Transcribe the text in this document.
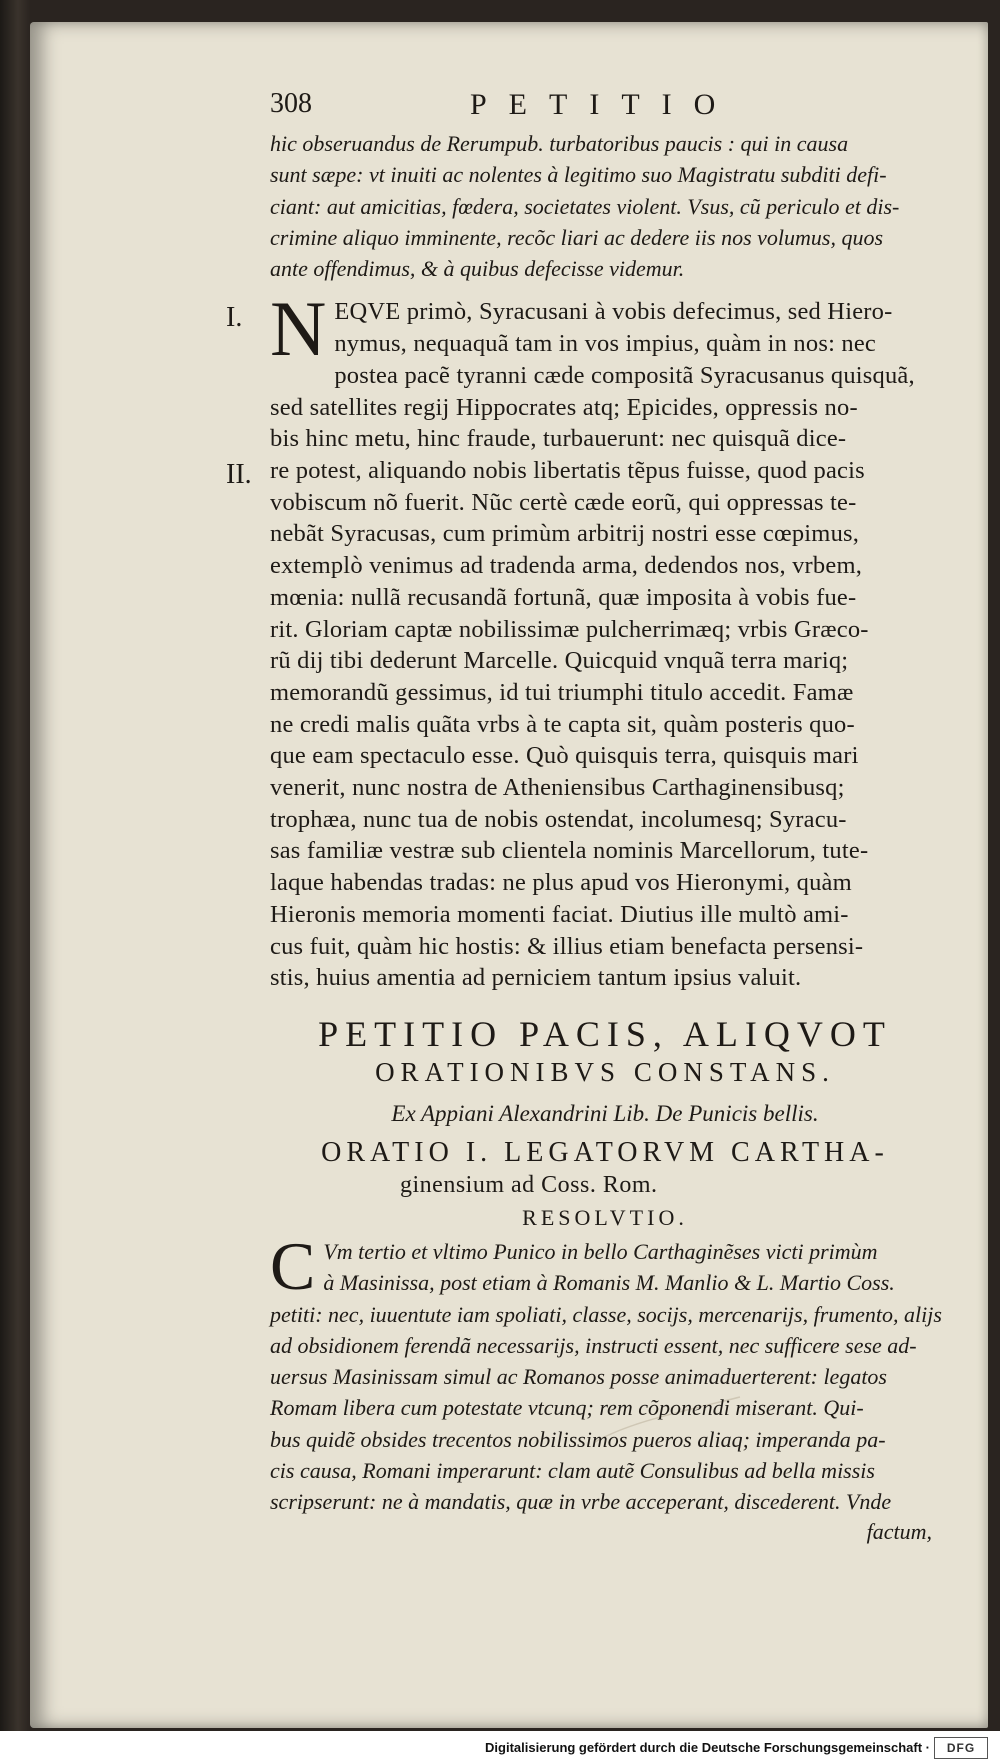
308	PETITIO
hic obseruandus de Rerumpub. turbatoribus paucis : qui in causa
sunt sæpe: vt inuiti ac nolentes à legitimo suo Magistratu subditi defi-
ciant: aut amicitias, fœdera, societates violent. Vsus, cũ periculo et dis-
crimine aliquo imminente, recõc liari ac dedere iis nos volumus, quos
ante offendimus, & à quibus defecisse videmur.
I.
II.
N EQVE primò, Syracusani à vobis defecimus, sed Hiero-
nymus, nequaquã tam in vos impius, quàm in nos: nec
postea pacẽ tyranni cæde compositã Syracusanus quisquã,
sed satellites regij Hippocrates atq; Epicides, oppressis no-
bis hinc metu, hinc fraude, turbauerunt: nec quisquã dice-
re potest, aliquando nobis libertatis tẽpus fuisse, quod pacis
vobiscum nõ fuerit. Nũc certè cæde eorũ, qui oppressas te-
nebãt Syracusas, cum primùm arbitrij nostri esse cœpimus,
extemplò venimus ad tradenda arma, dedendos nos, vrbem,
mœnia: nullã recusandã fortunã, quæ imposita à vobis fue-
rit. Gloriam captæ nobilissimæ pulcherrimæq; vrbis Græco-
rũ dij tibi dederunt Marcelle. Quicquid vnquã terra mariq;
memorandũ gessimus, id tui triumphi titulo accedit. Famæ
ne credi malis quãta vrbs à te capta sit, quàm posteris quo-
que eam spectaculo esse. Quò quisquis terra, quisquis mari
venerit, nunc nostra de Atheniensibus Carthaginensibusq;
trophæa, nunc tua de nobis ostendat, incolumesq; Syracu-
sas familiæ vestræ sub clientela nominis Marcellorum, tute-
laque habendas tradas: ne plus apud vos Hieronymi, quàm
Hieronis memoria momenti faciat. Diutius ille multò ami-
cus fuit, quàm hic hostis: & illius etiam benefacta persensi-
stis, huius amentia ad perniciem tantum ipsius valuit.
PETITIO PACIS, ALIQVOT
ORATIONIBVS CONSTANS.
Ex Appiani Alexandrini Lib. De Punicis bellis.
ORATIO I. LEGATORVM CARTHA-
ginensium ad Coss. Rom.
RESOLVTIO.
C Vm tertio et vltimo Punico in bello Carthaginẽses victi primùm
à Masinissa, post etiam à Romanis M. Manlio & L. Martio Coss.
petiti: nec, iuuentute iam spoliati, classe, socijs, mercenarijs, frumento, alijs
ad obsidionem ferendã necessarijs, instructi essent, nec sufficere sese ad-
uersus Masinissam simul ac Romanos posse animaduerterent: legatos
Romam libera cum potestate vtcunq; rem cõponendi miserant. Qui-
bus quidẽ obsides trecentos nobilissimos pueros aliaq; imperanda pa-
cis causa, Romani imperarunt: clam autẽ Consulibus ad bella missis
scripserunt: ne à mandatis, quæ in vrbe acceperant, discederent. Vnde
factum,
Digitalisierung gefördert durch die Deutsche Forschungsgemeinschaft ·	DFG
